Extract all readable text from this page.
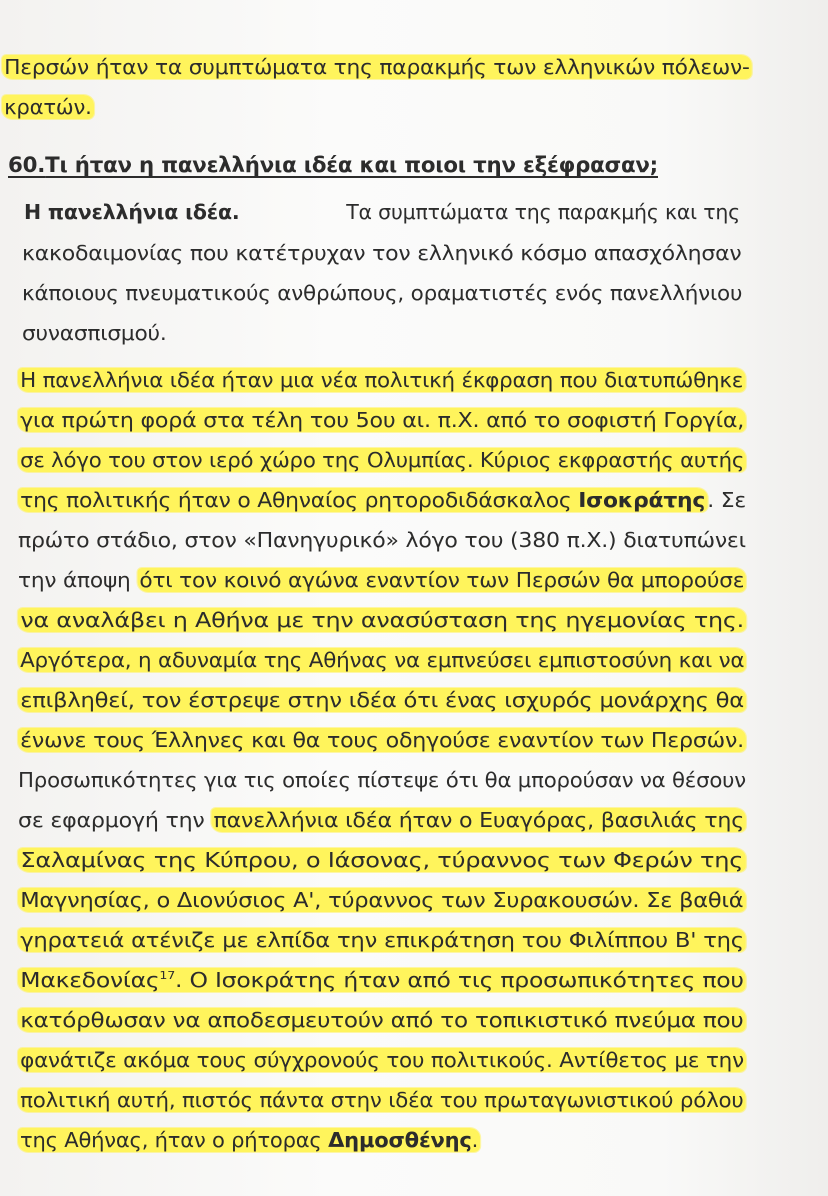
Περσών ήταν τα συμπτώματα της παρακμής των ελληνικών πόλεων-
κρατών.
60.Τι ήταν η πανελλήνια ιδέα και ποιοι την εξέφρασαν;
Η πανελλήνια ιδέα.	Τα συμπτώματα της παρακμής και της
κακοδαιμονίας που κατέτρυχαν τον ελληνικό κόσμο απασχόλησαν
κάποιους πνευματικούς ανθρώπους, οραματιστές ενός πανελλήνιου
συνασπισμού.
Η πανελλήνια ιδέα ήταν μια νέα πολιτική έκφραση που διατυπώθηκε
για πρώτη φορά στα τέλη του 5ου αι. π.Χ. από το σοφιστή Γοργία,
σε λόγο του στον ιερό χώρο της Ολυμπίας. Κύριος εκφραστής αυτής
της πολιτικής ήταν ο Αθηναίος ρητοροδιδάσκαλος Ισοκράτης . Σε
πρώτο στάδιο, στον «Πανηγυρικό» λόγο του (380 π.Χ.) διατυπώνει
την άποψη ότι τον κοινό αγώνα εναντίον των Περσών θα μπορούσε
να αναλάβει η Αθήνα με την ανασύσταση της ηγεμονίας της.
Αργότερα, η αδυναμία της Αθήνας να εμπνεύσει εμπιστοσύνη και να
επιβληθεί, τον έστρεψε στην ιδέα ότι ένας ισχυρός μονάρχης θα
ένωνε τους Έλληνες και θα τους οδηγούσε εναντίον των Περσών.
Προσωπικότητες για τις οποίες πίστεψε ότι θα μπορούσαν να θέσουν
σε εφαρμογή την πανελλήνια ιδέα ήταν ο Ευαγόρας, βασιλιάς της
Σαλαμίνας της Κύπρου, ο Ιάσονας, τύραννος των Φερών της
Μαγνησίας, ο Διονύσιος Α', τύραννος των Συρακουσών. Σε βαθιά
γηρατειά ατένιζε με ελπίδα την επικράτηση του Φιλίππου Β' της
Μακεδονίας$^{17}$. Ο Ισοκράτης ήταν από τις προσωπικότητες που
κατόρθωσαν να αποδεσμευτούν από το τοπικιστικό πνεύμα που
φανάτιζε ακόμα τους σύγχρονούς του πολιτικούς. Αντίθετος με την
πολιτική αυτή, πιστός πάντα στην ιδέα του πρωταγωνιστικού ρόλου
της Αθήνας, ήταν ο ρήτορας Δημοσθένης.
